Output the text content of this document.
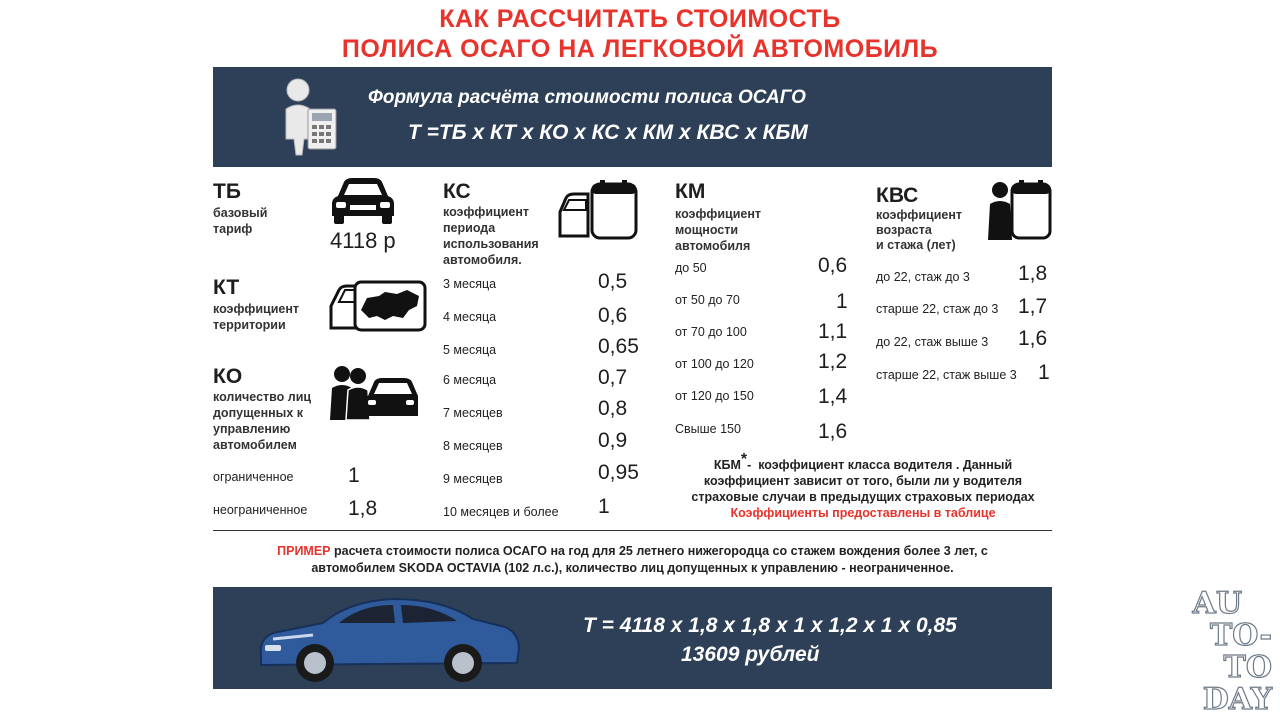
КАК РАССЧИТАТЬ СТОИМОСТЬ
ПОЛИСА ОСАГО НА ЛЕГКОВОЙ АВТОМОБИЛЬ
Формула расчёта стоимости полиса ОСАГО
Т =ТБ х КТ х КО х КС х КМ х КВС х КБМ
ТБ
базовый
тариф	4118 р
КТ
коэффициент
территории
КО
количество лиц
допущенных к
управлению
автомобилем
ограниченное	1
неограниченное 1,8
КС
коэффициент
периода
использования
автомобиля.
3 месяца	0,5
4 месяца	0,6
5 месяца	0,65
6 месяца	0,7
7 месяцев	0,8
8 месяцев	0,9
9 месяцев	0,95
10 месяцев и более 1
КМ
коэффициент
мощности
автомобиля
до 50	0,6
от 50 до 70	1
от 70 до 100	1,1
от 100 до 120	1,2
от 120 до 150	1,4
Свыше 150	1,6
КВС
коэффициент
возраста
и стажа (лет)
до 22, стаж до 3 1,8
старше 22, стаж до 3 1,7
до 22, стаж выше 3 1,6
старше 22, стаж выше 3 1
КБМ*- коэффициент класса водителя . Данный
коэффициент зависит от того, были ли у водителя
страховые случаи в предыдущих страховых периодах
Коэффициенты предоставлены в таблице
ПРИМЕР расчета стоимости полиса ОСАГО на год для 25 летнего нижегородца со стажем вождения более 3 лет, с
автомобилем SKODA OCTAVIA (102 л.с.), количество лиц допущенных к управлению - неограниченное.
Т = 4118 х 1,8 х 1,8 х 1 х 1,2 х 1 х 0,85
13609 рублей
AU
TO-TO
DAY
